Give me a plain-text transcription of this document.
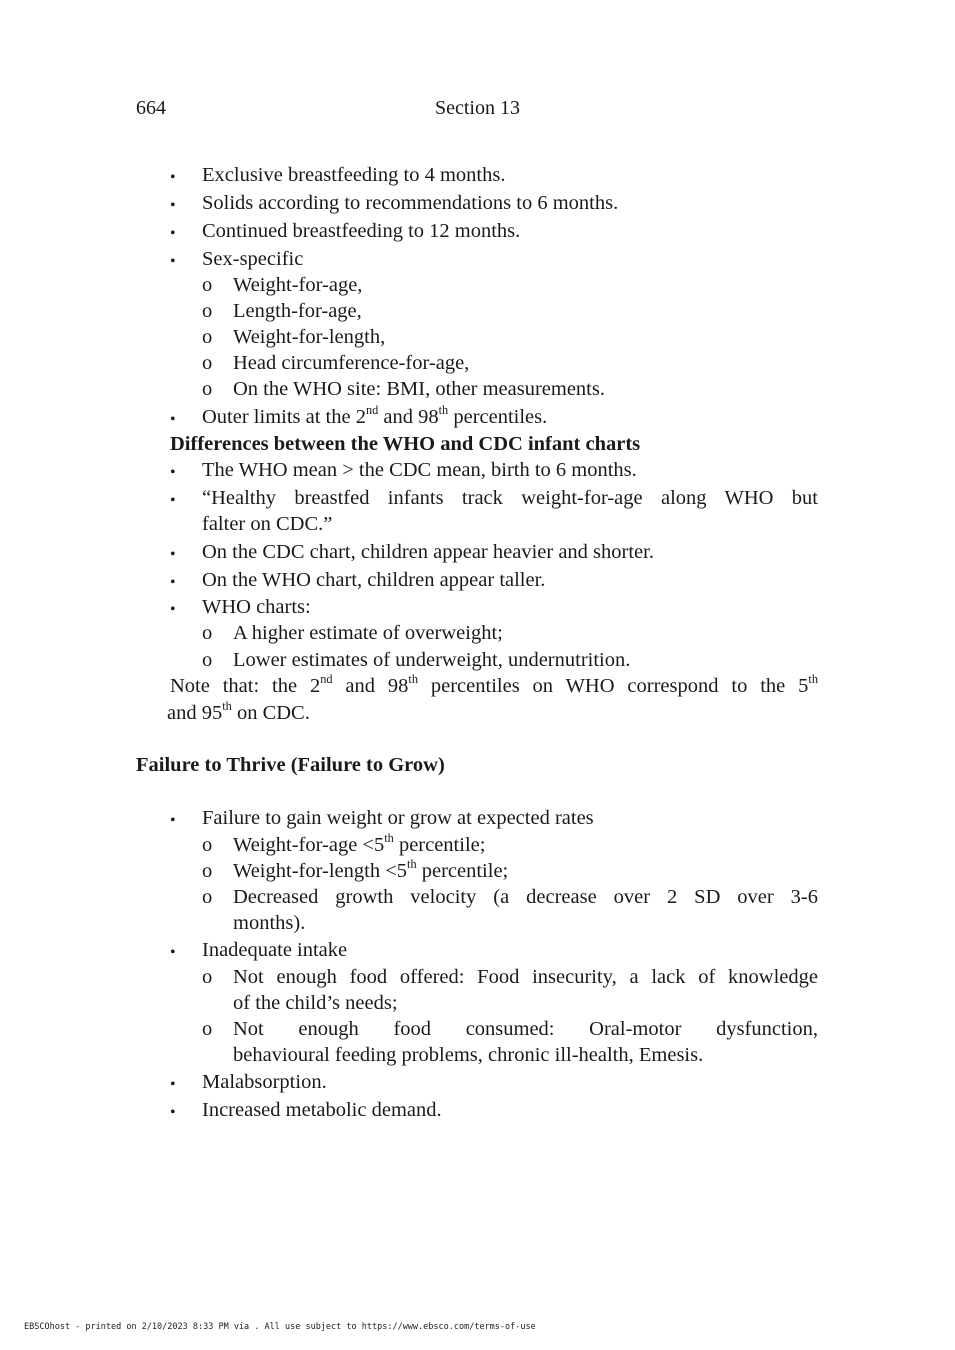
664	Section 13
• Exclusive breastfeeding to 4 months.
• Solids according to recommendations to 6 months.
• Continued breastfeeding to 12 months.
• Sex-specific
o Weight-for-age,
o Length-for-age,
o Weight-for-length,
o Head circumference-for-age,
o On the WHO site: BMI, other measurements.
• Outer limits at the 2nd and 98th percentiles.
Differences between the WHO and CDC infant charts
• The WHO mean > the CDC mean, birth to 6 months.
• “Healthy breastfed infants track weight-for-age along WHO but
falter on CDC.”
• On the CDC chart, children appear heavier and shorter.
• On the WHO chart, children appear taller.
• WHO charts:
o A higher estimate of overweight;
o Lower estimates of underweight, undernutrition.
Note that: the 2nd and 98th percentiles on WHO correspond to the 5th
and 95th on CDC.
Failure to Thrive (Failure to Grow)
• Failure to gain weight or grow at expected rates
o Weight-for-age <5th percentile;
o Weight-for-length <5th percentile;
o Decreased growth velocity (a decrease over 2 SD over 3-6
months).
• Inadequate intake
o Not enough food offered: Food insecurity, a lack of knowledge
of the child’s needs;
o Not enough food consumed: Oral-motor dysfunction,
behavioural feeding problems, chronic ill-health, Emesis.
• Malabsorption.
• Increased metabolic demand.
EBSCOhost - printed on 2/10/2023 8:33 PM via . All use subject to https://www.ebsco.com/terms-of-use
